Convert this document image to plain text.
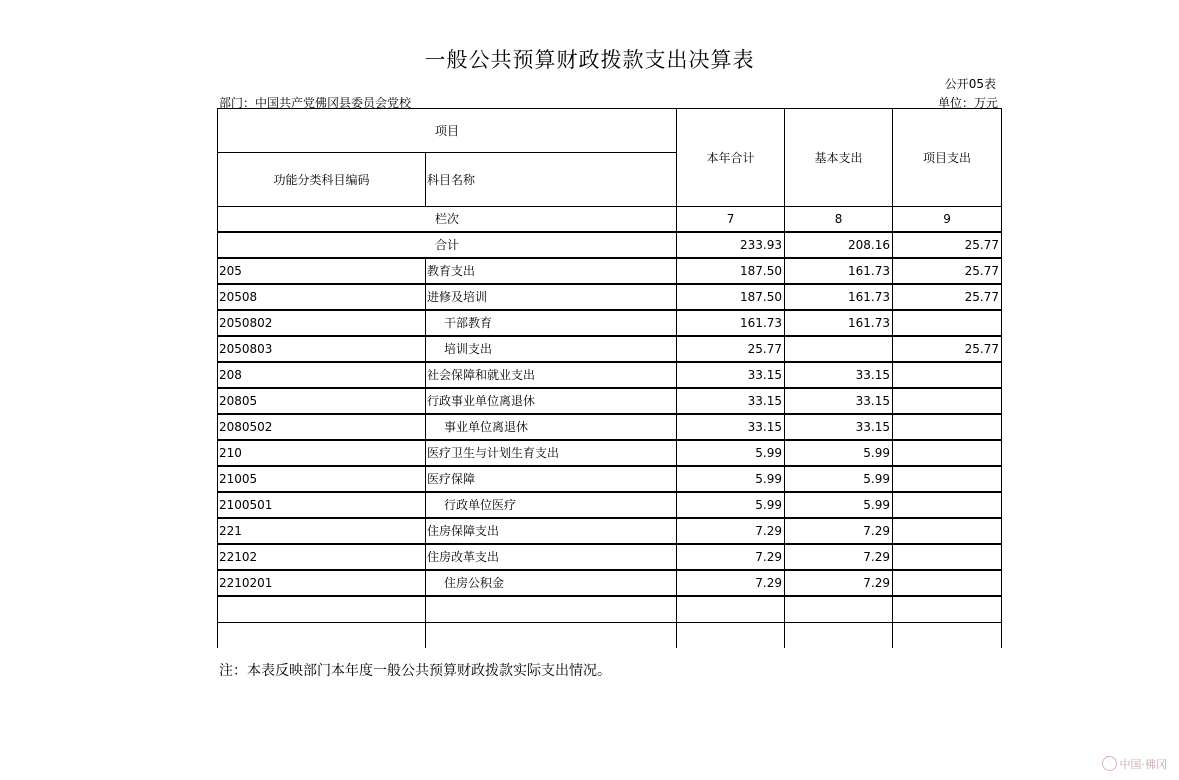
一般公共预算财政拨款支出决算表
公开05表
部门：中国共产党佛冈县委员会党校	单位：万元
项目		本年合计	基本支出	项目支出
功能分类科目编码	科目名称			
栏次		7	8	9
合计		233.93	208.16	25.77
205	教育支出	187.50	161.73	25.77
20508	进修及培训	187.50	161.73	25.77
2050802	干部教育	161.73	161.73	
2050803	培训支出	25.77		25.77
208	社会保障和就业支出	33.15	33.15	
20805	行政事业单位离退休	33.15	33.15	
2080502	事业单位离退休	33.15	33.15	
210	医疗卫生与计划生育支出	5.99	5.99	
21005	医疗保障	5.99	5.99	
2100501	行政单位医疗	5.99	5.99	
221	住房保障支出	7.29	7.29	
22102	住房改革支出	7.29	7.29	
2210201	住房公积金	7.29	7.29	

注：本表反映部门本年度一般公共预算财政拨款实际支出情况。
中国·佛冈
